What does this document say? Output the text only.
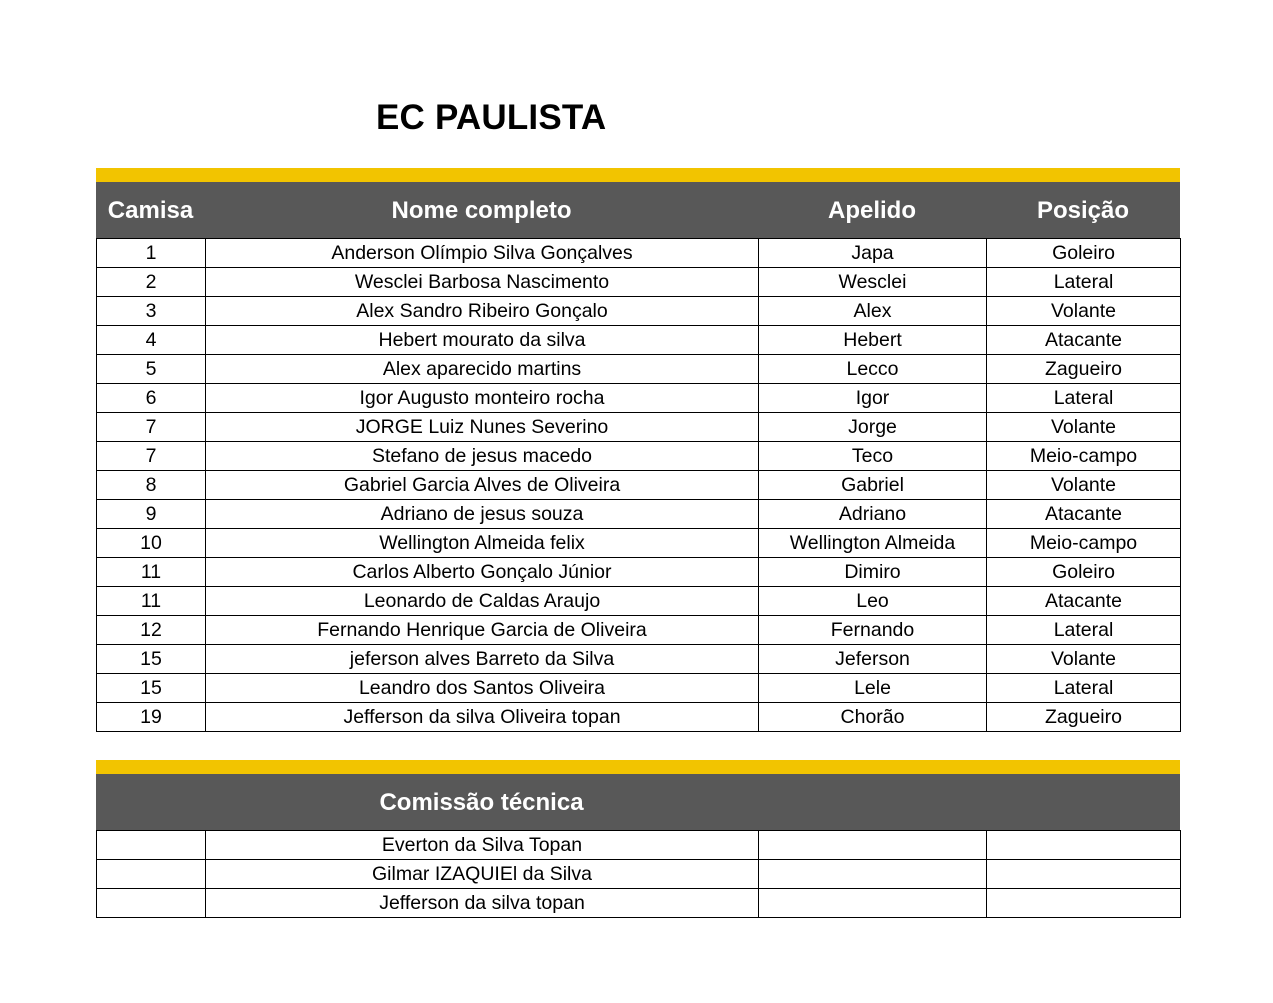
EC PAULISTA
Camisa	Nome completo	Apelido	Posição
1	Anderson Olímpio Silva Gonçalves	Japa	Goleiro
2	Wesclei Barbosa Nascimento	Wesclei	Lateral
3	Alex Sandro Ribeiro Gonçalo	Alex	Volante
4	Hebert mourato da silva	Hebert	Atacante
5	Alex aparecido martins	Lecco	Zagueiro
6	Igor Augusto monteiro rocha	Igor	Lateral
7	JORGE Luiz Nunes Severino	Jorge	Volante
7	Stefano de jesus macedo	Teco	Meio-campo
8	Gabriel Garcia Alves de Oliveira	Gabriel	Volante
9	Adriano de jesus souza	Adriano	Atacante
10	Wellington Almeida felix	Wellington Almeida	Meio-campo
11	Carlos Alberto Gonçalo Júnior	Dimiro	Goleiro
11	Leonardo de Caldas Araujo	Leo	Atacante
12	Fernando Henrique Garcia de Oliveira	Fernando	Lateral
15	jeferson alves Barreto da Silva	Jeferson	Volante
15	Leandro dos Santos Oliveira	Lele	Lateral
19	Jefferson da silva Oliveira topan	Chorão	Zagueiro
Comissão técnica
	Everton da Silva Topan		
	Gilmar IZAQUIEl da Silva		
	Jefferson da silva topan		
